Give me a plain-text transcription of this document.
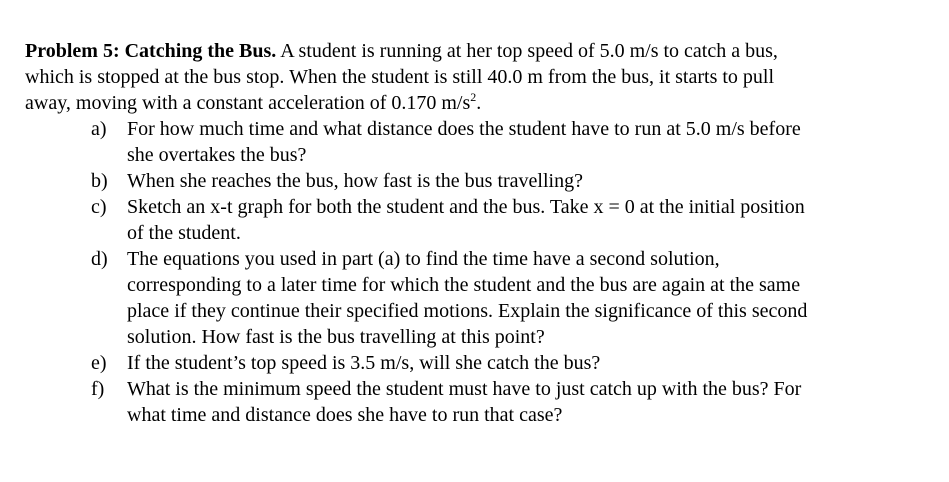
Problem 5: Catching the Bus. A student is running at her top speed of 5.0 m/s to catch a bus,
which is stopped at the bus stop. When the student is still 40.0 m from the bus, it starts to pull
away, moving with a constant acceleration of 0.170 $m/s^2$.

a) For how much time and what distance does the student have to run at 5.0 m/s before
she overtakes the bus?
b) When she reaches the bus, how fast is the bus travelling?
c) Sketch an x-t graph for both the student and the bus. Take x = 0 at the initial position
of the student.
d) The equations you used in part (a) to find the time have a second solution,
corresponding to a later time for which the student and the bus are again at the same
place if they continue their specified motions. Explain the significance of this second
solution. How fast is the bus travelling at this point?
e) If the student’s top speed is 3.5 m/s, will she catch the bus?
f) What is the minimum speed the student must have to just catch up with the bus? For
what time and distance does she have to run that case?
